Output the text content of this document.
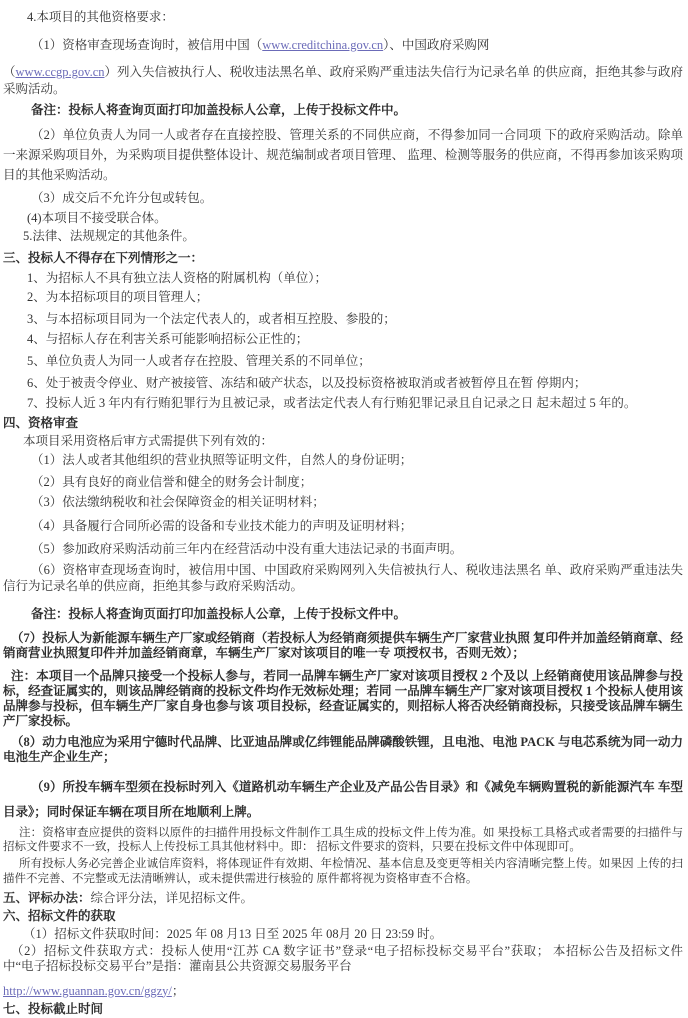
4.本项目的其他资格要求：

（1）资格审查现场查询时，被信用中国（www.creditchina.gov.cn）、中国政府采购网

（www.ccgp.gov.cn）列入失信被执行人、税收违法黑名单、政府采购严重违法失信行为记录名单 的供应商，拒绝其参与政府采购活动。

备注：投标人将查询页面打印加盖投标人公章，上传于投标文件中。

（2）单位负责人为同一人或者存在直接控股、管理关系的不同供应商，不得参加同一合同项 下的政府采购活动。除单一来源采购项目外，为采购项目提供整体设计、规范编制或者项目管理、 监理、检测等服务的供应商，不得再参加该采购项目的其他采购活动。

（3）成交后不允许分包或转包。

(4)本项目不接受联合体。

5.法律、法规规定的其他条件。

三、投标人不得存在下列情形之一：

1、为招标人不具有独立法人资格的附属机构（单位）；

2、为本招标项目的项目管理人；

3、与本招标项目同为一个法定代表人的，或者相互控股、参股的；

4、与招标人存在利害关系可能影响招标公正性的；

5、单位负责人为同一人或者存在控股、管理关系的不同单位；

6、处于被责令停业、财产被接管、冻结和破产状态，以及投标资格被取消或者被暂停且在暂 停期内；

7、投标人近 3 年内有行贿犯罪行为且被记录，或者法定代表人有行贿犯罪记录且自记录之日 起未超过 5 年的。

四、资格审查

本项目采用资格后审方式需提供下列有效的：

（1）法人或者其他组织的营业执照等证明文件，自然人的身份证明；

（2）具有良好的商业信誉和健全的财务会计制度；

（3）依法缴纳税收和社会保障资金的相关证明材料；

（4）具备履行合同所必需的设备和专业技术能力的声明及证明材料；

（5）参加政府采购活动前三年内在经营活动中没有重大违法记录的书面声明。

（6）资格审查现场查询时，被信用中国、中国政府采购网列入失信被执行人、税收违法黑名 单、政府采购严重违法失信行为记录名单的供应商，拒绝其参与政府采购活动。

备注：投标人将查询页面打印加盖投标人公章，上传于投标文件中。

（7）投标人为新能源车辆生产厂家或经销商（若投标人为经销商须提供车辆生产厂家营业执照 复印件并加盖经销商章、经销商营业执照复印件并加盖经销商章，车辆生产厂家对该项目的唯一专 项授权书，否则无效）；

注：本项目一个品牌只接受一个投标人参与，若同一品牌车辆生产厂家对该项目授权 2 个及以 上经销商使用该品牌参与投标，经查证属实的，则该品牌经销商的投标文件均作无效标处理；若同 一品牌车辆生产厂家对该项目授权 1 个投标人使用该品牌参与投标，但车辆生产厂家自身也参与该 项目投标，经查证属实的，则招标人将否决经销商投标，只接受该品牌车辆生产厂家投标。

（8）动力电池应为采用宁德时代品牌、比亚迪品牌或亿纬锂能品牌磷酸铁锂，且电池、电池 PACK 与电芯系统为同一动力电池生产企业生产；

（9）所投车辆车型须在投标时列入《道路机动车辆生产企业及产品公告目录》和《减免车辆购置税的新能源汽车 车型目录》；同时保证车辆在项目所在地顺利上牌。

注：资格审查应提供的资料以原件的扫描件用投标文件制作工具生成的投标文件上传为准。如 果投标工具格式或者需要的扫描件与招标文件要求不一致，投标人上传投标工具其他材料中。即： 招标文件要求的资料，只要在投标文件中体现即可。

所有投标人务必完善企业诚信库资料，将体现证件有效期、年检情况、基本信息及变更等相关内容清晰完整上传。如果因 上传的扫描件不完善、不完整或无法清晰辨认，或未提供需进行核验的 原件都将视为资格审查不合格。

五、评标办法：综合评分法，详见招标文件。

六、招标文件的获取

（1）招标文件获取时间：2025 年 08 月13 日至 2025 年 08月 20 日 23:59 时。

（2）招标文件获取方式：投标人使用“江苏 CA 数字证书”登录“电子招标投标交易平台”获取； 本招标公告及招标文件中“电子招标投标交易平台”是指：灌南县公共资源交易服务平台

http://www.guannan.gov.cn/ggzy/；

七、投标截止时间
